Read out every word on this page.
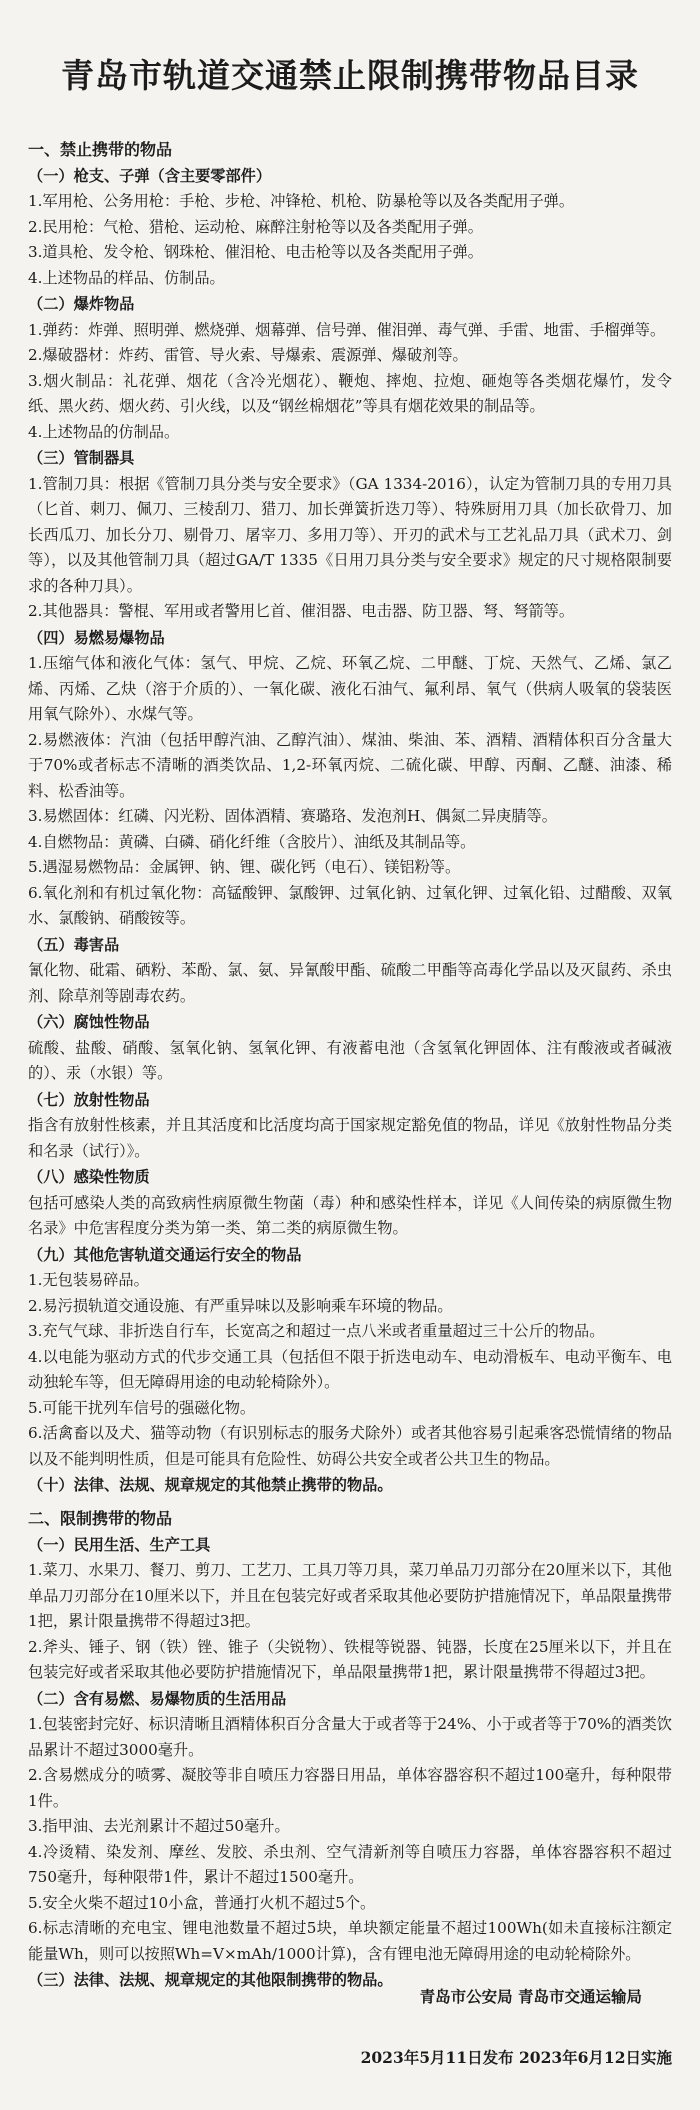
青岛市轨道交通禁止限制携带物品目录
一、禁止携带的物品
（一）枪支、子弹（含主要零部件）
1.军用枪、公务用枪：手枪、步枪、冲锋枪、机枪、防暴枪等以及各类配用子弹。
2.民用枪：气枪、猎枪、运动枪、麻醉注射枪等以及各类配用子弹。
3.道具枪、发令枪、钢珠枪、催泪枪、电击枪等以及各类配用子弹。
4.上述物品的样品、仿制品。
（二）爆炸物品
1.弹药：炸弹、照明弹、燃烧弹、烟幕弹、信号弹、催泪弹、毒气弹、手雷、地雷、手榴弹等。
2.爆破器材：炸药、雷管、导火索、导爆索、震源弹、爆破剂等。
3.烟火制品：礼花弹、烟花（含冷光烟花）、鞭炮、摔炮、拉炮、砸炮等各类烟花爆竹，发令纸、黑火药、烟火药、引火线，以及“钢丝棉烟花”等具有烟花效果的制品等。
4.上述物品的仿制品。
（三）管制器具
1.管制刀具：根据《管制刀具分类与安全要求》（GA 1334-2016），认定为管制刀具的专用刀具（匕首、刺刀、佩刀、三棱刮刀、猎刀、加长弹簧折迭刀等）、特殊厨用刀具（加长砍骨刀、加长西瓜刀、加长分刀、剔骨刀、屠宰刀、多用刀等）、开刃的武术与工艺礼品刀具（武术刀、剑等），以及其他管制刀具（超过GA/T 1335《日用刀具分类与安全要求》规定的尺寸规格限制要求的各种刀具）。
2.其他器具：警棍、军用或者警用匕首、催泪器、电击器、防卫器、弩、弩箭等。
（四）易燃易爆物品
1.压缩气体和液化气体：氢气、甲烷、乙烷、环氧乙烷、二甲醚、丁烷、天然气、乙烯、氯乙烯、丙烯、乙炔（溶于介质的）、一氧化碳、液化石油气、氟利昂、氧气（供病人吸氧的袋装医用氧气除外）、水煤气等。
2.易燃液体：汽油（包括甲醇汽油、乙醇汽油）、煤油、柴油、苯、酒精、酒精体积百分含量大于70%或者标志不清晰的酒类饮品、1,2-环氧丙烷、二硫化碳、甲醇、丙酮、乙醚、油漆、稀料、松香油等。
3.易燃固体：红磷、闪光粉、固体酒精、赛璐珞、发泡剂H、偶氮二异庚腈等。
4.自燃物品：黄磷、白磷、硝化纤维（含胶片）、油纸及其制品等。
5.遇湿易燃物品：金属钾、钠、锂、碳化钙（电石）、镁铝粉等。
6.氧化剂和有机过氧化物：高锰酸钾、氯酸钾、过氧化钠、过氧化钾、过氧化铅、过醋酸、双氧水、氯酸钠、硝酸铵等。
（五）毒害品
氰化物、砒霜、硒粉、苯酚、氯、氨、异氰酸甲酯、硫酸二甲酯等高毒化学品以及灭鼠药、杀虫剂、除草剂等剧毒农药。
（六）腐蚀性物品
硫酸、盐酸、硝酸、氢氧化钠、氢氧化钾、有液蓄电池（含氢氧化钾固体、注有酸液或者碱液的）、汞（水银）等。
（七）放射性物品
指含有放射性核素，并且其活度和比活度均高于国家规定豁免值的物品，详见《放射性物品分类和名录（试行）》。
（八）感染性物质
包括可感染人类的高致病性病原微生物菌（毒）种和感染性样本，详见《人间传染的病原微生物名录》中危害程度分类为第一类、第二类的病原微生物。
（九）其他危害轨道交通运行安全的物品
1.无包装易碎品。
2.易污损轨道交通设施、有严重异味以及影响乘车环境的物品。
3.充气气球、非折迭自行车，长宽高之和超过一点八米或者重量超过三十公斤的物品。
4.以电能为驱动方式的代步交通工具（包括但不限于折迭电动车、电动滑板车、电动平衡车、电动独轮车等，但无障碍用途的电动轮椅除外）。
5.可能干扰列车信号的强磁化物。
6.活禽畜以及犬、猫等动物（有识别标志的服务犬除外）或者其他容易引起乘客恐慌情绪的物品以及不能判明性质，但是可能具有危险性、妨碍公共安全或者公共卫生的物品。
（十）法律、法规、规章规定的其他禁止携带的物品。
二、限制携带的物品
（一）民用生活、生产工具
1.菜刀、水果刀、餐刀、剪刀、工艺刀、工具刀等刀具，菜刀单品刀刃部分在20厘米以下，其他单品刀刃部分在10厘米以下，并且在包装完好或者采取其他必要防护措施情况下，单品限量携带1把，累计限量携带不得超过3把。
2.斧头、锤子、钢（铁）锉、锥子（尖锐物）、铁棍等锐器、钝器，长度在25厘米以下，并且在包装完好或者采取其他必要防护措施情况下，单品限量携带1把，累计限量携带不得超过3把。
（二）含有易燃、易爆物质的生活用品
1.包装密封完好、标识清晰且酒精体积百分含量大于或者等于24%、小于或者等于70%的酒类饮品累计不超过3000毫升。
2.含易燃成分的喷雾、凝胶等非自喷压力容器日用品，单体容器容积不超过100毫升，每种限带1件。
3.指甲油、去光剂累计不超过50毫升。
4.冷烫精、染发剂、摩丝、发胶、杀虫剂、空气清新剂等自喷压力容器，单体容器容积不超过750毫升，每种限带1件，累计不超过1500毫升。
5.安全火柴不超过10小盒，普通打火机不超过5个。
6.标志清晰的充电宝、锂电池数量不超过5块，单块额定能量不超过100Wh(如未直接标注额定能量Wh，则可以按照Wh=V×mAh/1000计算)，含有锂电池无障碍用途的电动轮椅除外。
（三）法律、法规、规章规定的其他限制携带的物品。
青岛市公安局 青岛市交通运输局
2023年5月11日发布 2023年6月12日实施
